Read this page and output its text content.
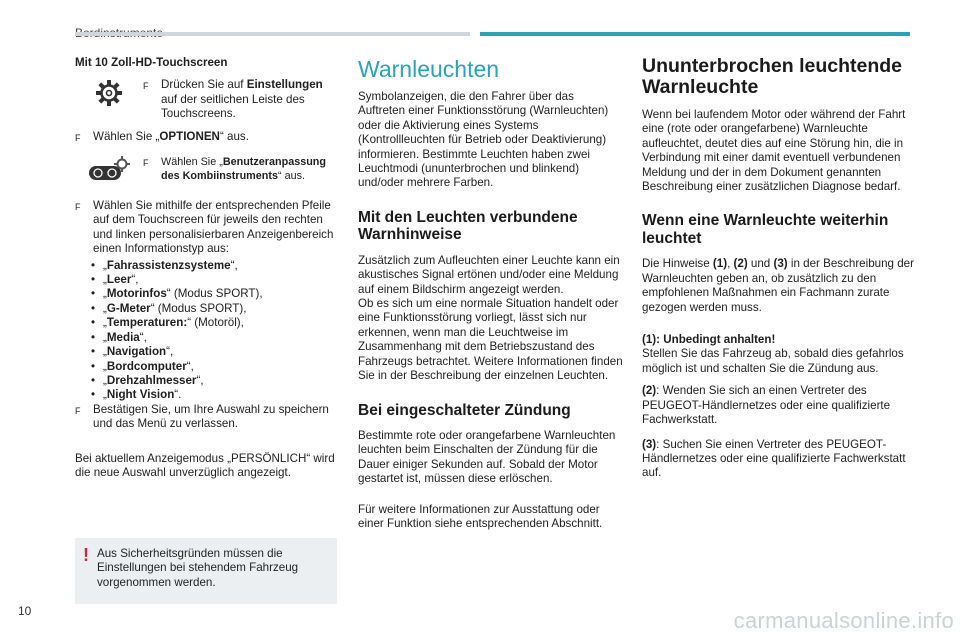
Mit 10 Zoll-HD-Touchscreen

F	Drücken Sie auf Einstellungen auf der seitlichen Leiste des Touchscreens.

F	Wählen Sie „OPTIONEN“ aus.

F	Wählen Sie „Benutzeranpassung des Kombiinstruments“ aus.

F	Wählen Sie mithilfe der entsprechenden Pfeile auf dem Touchscreen für jeweils den rechten und linken personalisierbaren Anzeigenbereich einen Informationstyp aus:

• „Fahrassistenzsysteme“,
• „Leer“,
• „Motorinfos“ (Modus SPORT),
• „G-Meter“ (Modus SPORT),
• „Temperaturen:“ (Motoröl),
• „Media“,
• „Navigation“,
• „Bordcomputer“,
• „Drehzahlmesser“,
• „Night Vision“.
F	Bestätigen Sie, um Ihre Auswahl zu speichern und das Menü zu verlassen.

Bei aktuellem Anzeigemodus „PERSÖNLICH“ wird die neue Auswahl unverzüglich angezeigt.

! Aus Sicherheitsgründen müssen die Einstellungen bei stehendem Fahrzeug vorgenommen werden.

Warnleuchten

Symbolanzeigen, die den Fahrer über das Auftreten einer Funktionsstörung (Warnleuchten) oder die Aktivierung eines Systems (Kontrollleuchten für Betrieb oder Deaktivierung) informieren. Bestimmte Leuchten haben zwei Leuchtmodi (ununterbrochen und blinkend) und/oder mehrere Farben.

Mit den Leuchten verbundene Warnhinweise

Zusätzlich zum Aufleuchten einer Leuchte kann ein akustisches Signal ertönen und/oder eine Meldung auf einem Bildschirm angezeigt werden.

Ob es sich um eine normale Situation handelt oder eine Funktionsstörung vorliegt, lässt sich nur erkennen, wenn man die Leuchtweise im Zusammenhang mit dem Betriebszustand des Fahrzeugs betrachtet. Weitere Informationen finden Sie in der Beschreibung der einzelnen Leuchten.

Bei eingeschalteter Zündung

Bestimmte rote oder orangefarbene Warnleuchten leuchten beim Einschalten der Zündung für die Dauer einiger Sekunden auf. Sobald der Motor gestartet ist, müssen diese erlöschen.

Für weitere Informationen zur Ausstattung oder einer Funktion siehe entsprechenden Abschnitt.

Ununterbrochen leuchtende Warnleuchte

Wenn bei laufendem Motor oder während der Fahrt eine (rote oder orangefarbene) Warnleuchte aufleuchtet, deutet dies auf eine Störung hin, die in Verbindung mit einer damit eventuell verbundenen Meldung und der in dem Dokument genannten Beschreibung einer zusätzlichen Diagnose bedarf.

Wenn eine Warnleuchte weiterhin leuchtet

Die Hinweise (1), (2) und (3) in der Beschreibung der Warnleuchten geben an, ob zusätzlich zu den empfohlenen Maßnahmen ein Fachmann zurate gezogen werden muss.

(1): Unbedingt anhalten!
Stellen Sie das Fahrzeug ab, sobald dies gefahrlos möglich ist und schalten Sie die Zündung aus.

(2): Wenden Sie sich an einen Vertreter des PEUGEOT-Händlernetzes oder eine qualifizierte Fachwerkstatt.

(3): Suchen Sie einen Vertreter des PEUGEOT-Händlernetzes oder eine qualifizierte Fachwerkstatt auf.

10	carmanualsonline.info
